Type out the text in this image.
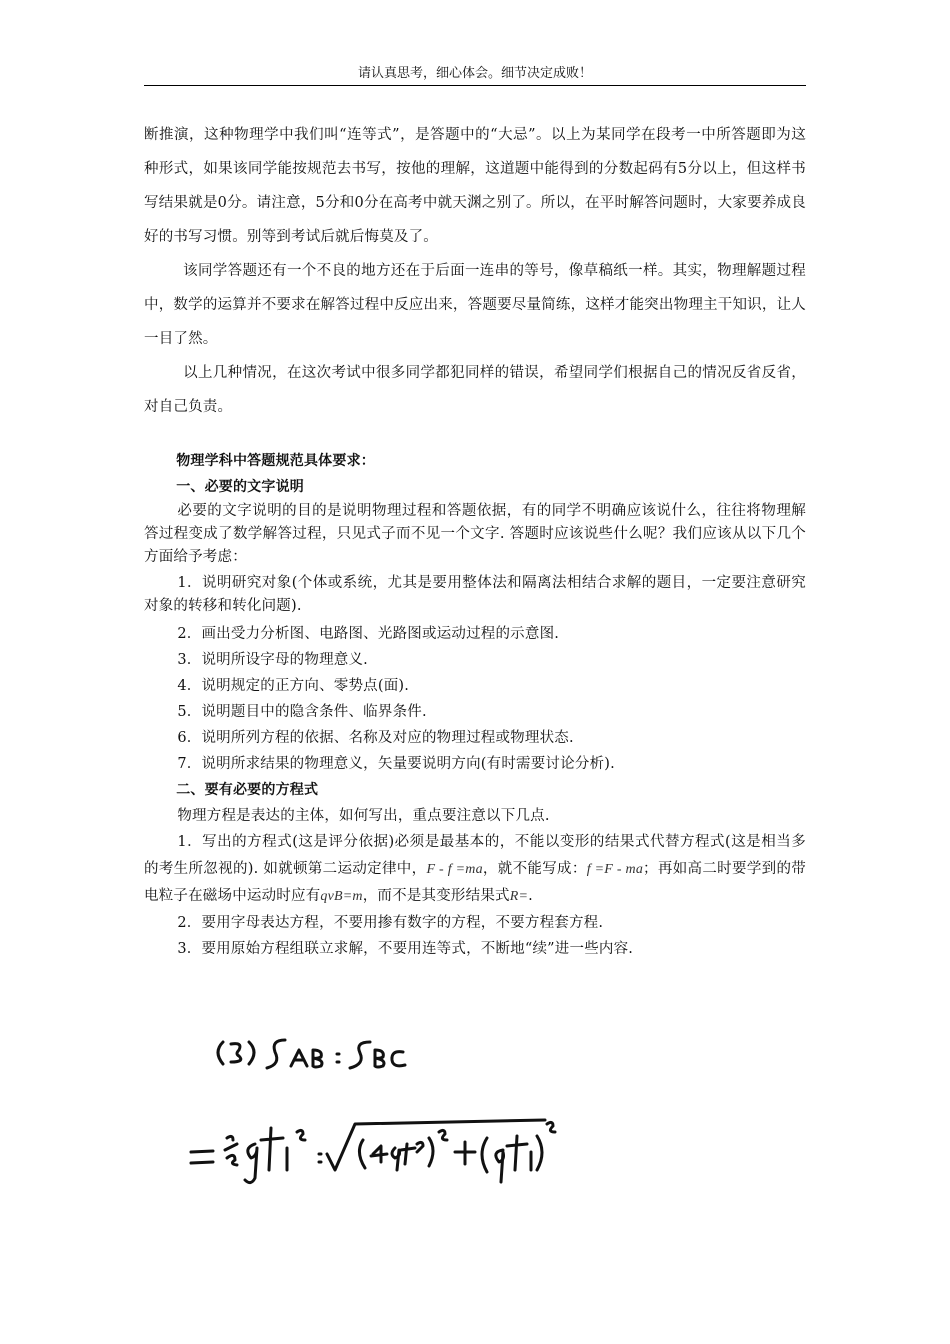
请认真思考，细心体会。细节决定成败！

断推演，这种物理学中我们叫“连等式”，是答题中的“大忌”。以上为某同学在段考一中所答题即为这种形式，如果该同学能按规范去书写，按他的理解，这道题中能得到的分数起码有5分以上，但这样书写结果就是0分。请注意，5分和0分在高考中就天渊之别了。所以，在平时解答问题时，大家要养成良好的书写习惯。别等到考试后就后悔莫及了。

该同学答题还有一个不良的地方还在于后面一连串的等号，像草稿纸一样。其实，物理解题过程中，数学的运算并不要求在解答过程中反应出来，答题要尽量简练，这样才能突出物理主干知识，让人一目了然。

以上几种情况，在这次考试中很多同学都犯同样的错误，希望同学们根据自己的情况反省反省，对自己负责。

物理学科中答题规范具体要求：

一、必要的文字说明

必要的文字说明的目的是说明物理过程和答题依据，有的同学不明确应该说什么，往往将物理解答过程变成了数学解答过程，只见式子而不见一个文字. 答题时应该说些什么呢？我们应该从以下几个方面给予考虑：

1．说明研究对象(个体或系统，尤其是要用整体法和隔离法相结合求解的题目，一定要注意研究对象的转移和转化问题).

2．画出受力分析图、电路图、光路图或运动过程的示意图.

3．说明所设字母的物理意义.

4．说明规定的正方向、零势点(面).

5．说明题目中的隐含条件、临界条件.

6．说明所列方程的依据、名称及对应的物理过程或物理状态.

7．说明所求结果的物理意义，矢量要说明方向(有时需要讨论分析).

二、要有必要的方程式

物理方程是表达的主体，如何写出，重点要注意以下几点.

1．写出的方程式(这是评分依据)必须是最基本的，不能以变形的结果式代替方程式(这是相当多的考生所忽视的). 如就顿第二运动定律中，F - f =ma，就不能写成：f =F - ma；再如高二时要学到的带电粒子在磁场中运动时应有qvB=m，而不是其变形结果式R=.

2．要用字母表达方程，不要用掺有数字的方程，不要方程套方程.

3．要用原始方程组联立求解，不要用连等式，不断地“续”进一些内容.
